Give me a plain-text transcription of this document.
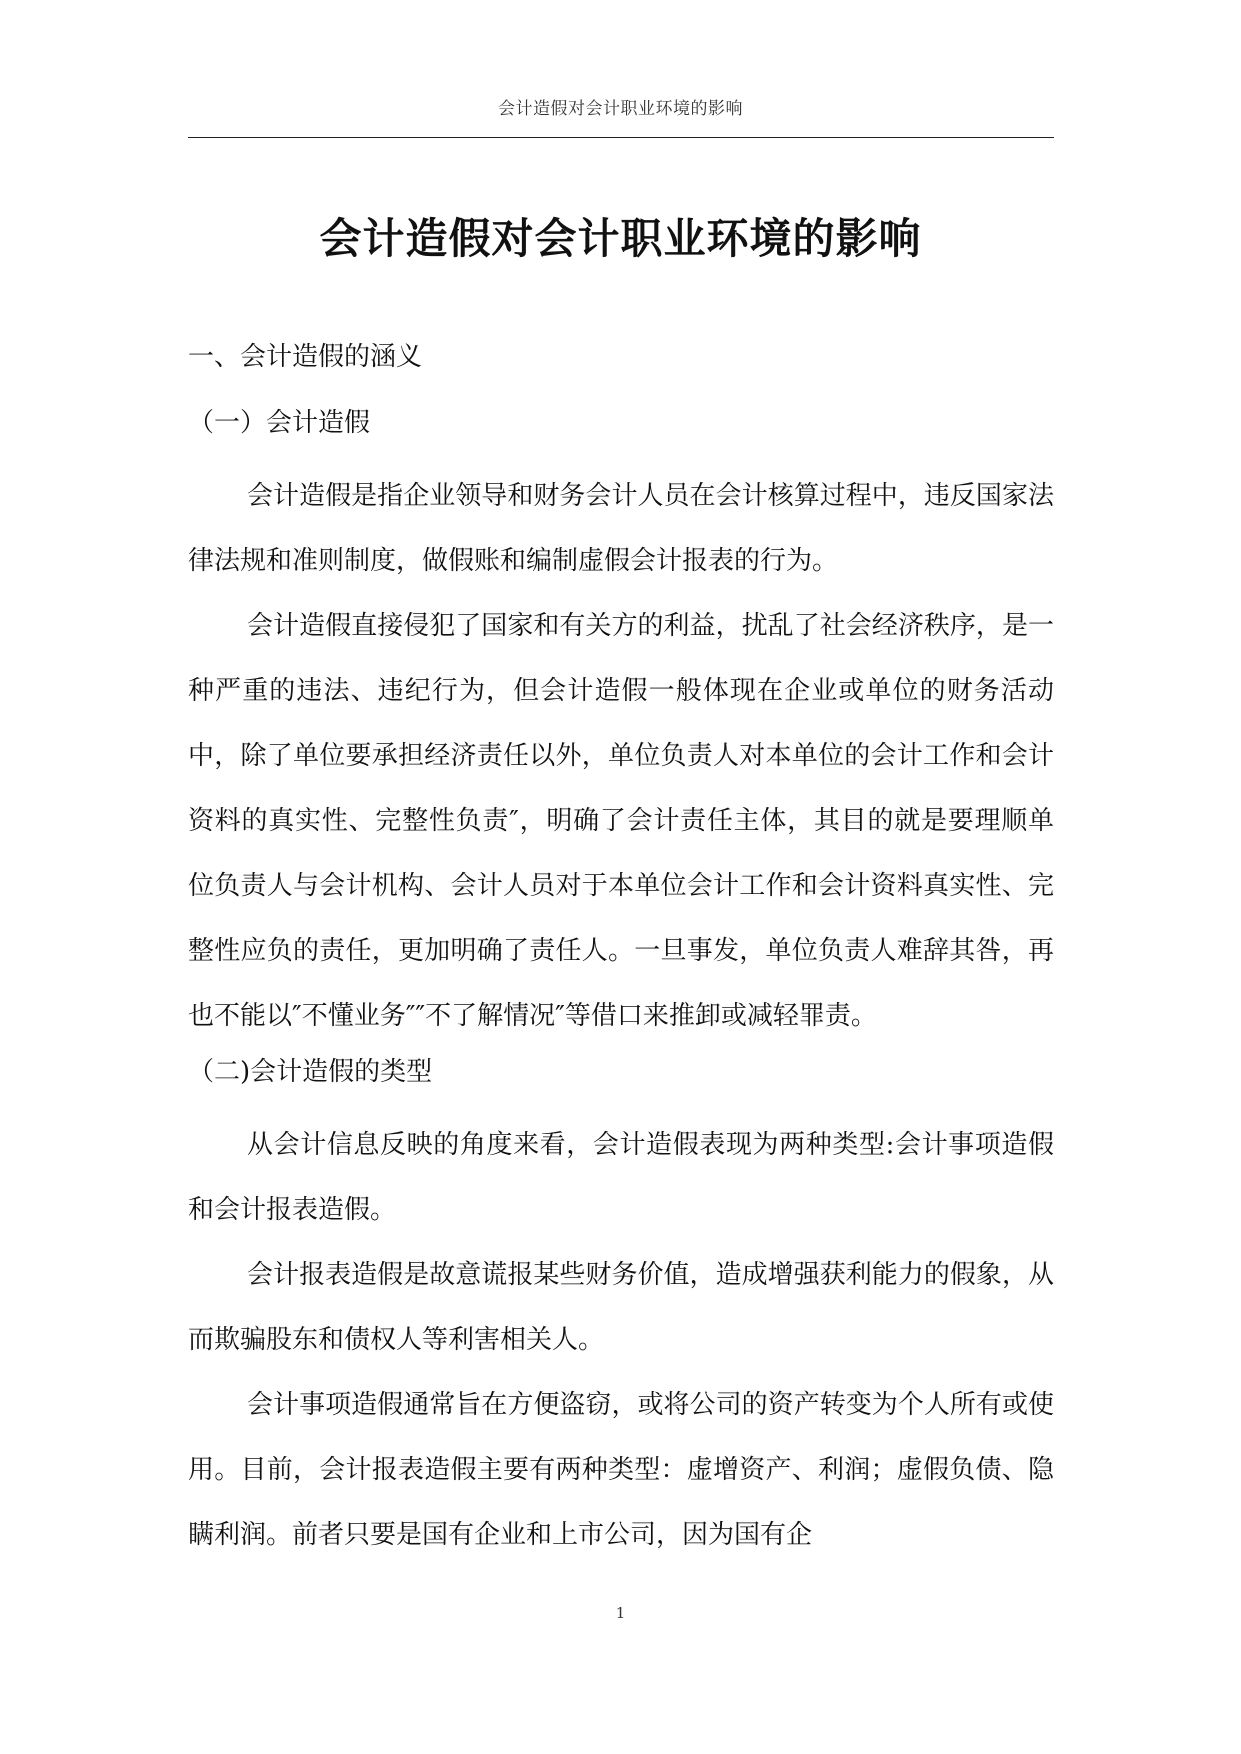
会计造假对会计职业环境的影响
会计造假对会计职业环境的影响
一、会计造假的涵义
（一）会计造假

会计造假是指企业领导和财务会计人员在会计核算过程中，违反国家法律法规和准则制度，做假账和编制虚假会计报表的行为。

会计造假直接侵犯了国家和有关方的利益，扰乱了社会经济秩序，是一种严重的违法、违纪行为，但会计造假一般体现在企业或单位的财务活动中，除了单位要承担经济责任以外，单位负责人对本单位的会计工作和会计资料的真实性、完整性负责″，明确了会计责任主体，其目的就是要理顺单位负责人与会计机构、会计人员对于本单位会计工作和会计资料真实性、完整性应负的责任，更加明确了责任人。一旦事发，单位负责人难辞其咎，再也不能以″不懂业务″″不了解情况″等借口来推卸或减轻罪责。

（二)会计造假的类型

从会计信息反映的角度来看，会计造假表现为两种类型:会计事项造假和会计报表造假。

会计报表造假是故意谎报某些财务价值，造成增强获利能力的假象，从而欺骗股东和债权人等利害相关人。

会计事项造假通常旨在方便盗窃，或将公司的资产转变为个人所有或使用。目前，会计报表造假主要有两种类型：虚增资产、利润；虚假负债、隐瞒利润。前者只要是国有企业和上市公司，因为国有企

1
